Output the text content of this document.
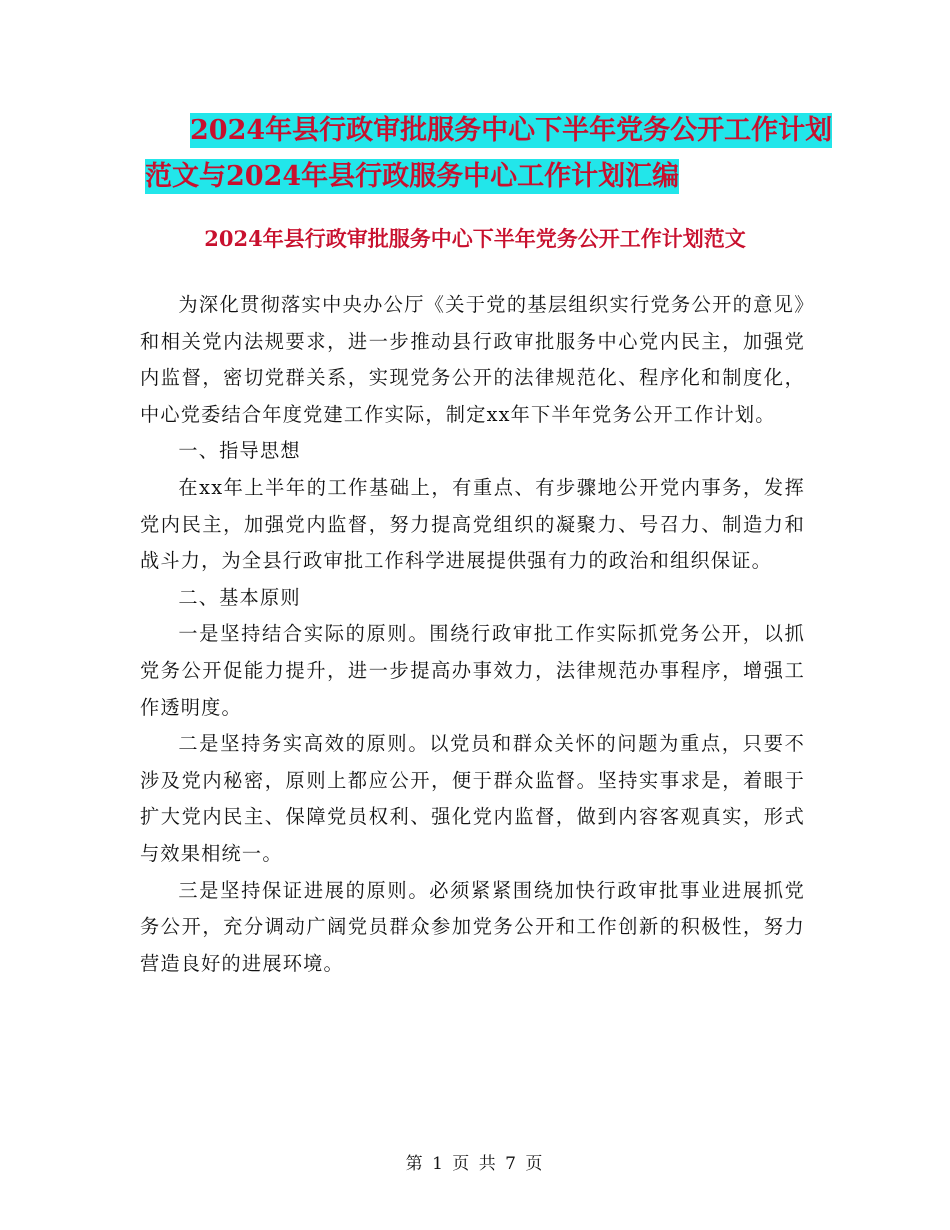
2024年县行政审批服务中心下半年党务公开工作计划
范文与2024年县行政服务中心工作计划汇编
2024年县行政审批服务中心下半年党务公开工作计划范文

为深化贯彻落实中央办公厅《关于党的基层组织实行党务公开的意见》和相关党内法规要求，进一步推动县行政审批服务中心党内民主，加强党内监督，密切党群关系，实现党务公开的法律规范化、程序化和制度化，中心党委结合年度党建工作实际，制定xx年下半年党务公开工作计划。

一、指导思想

在xx年上半年的工作基础上，有重点、有步骤地公开党内事务，发挥党内民主，加强党内监督，努力提高党组织的凝聚力、号召力、制造力和战斗力，为全县行政审批工作科学进展提供强有力的政治和组织保证。

二、基本原则

一是坚持结合实际的原则。围绕行政审批工作实际抓党务公开，以抓党务公开促能力提升，进一步提高办事效力，法律规范办事程序，增强工作透明度。

二是坚持务实高效的原则。以党员和群众关怀的问题为重点，只要不涉及党内秘密，原则上都应公开，便于群众监督。坚持实事求是，着眼于扩大党内民主、保障党员权利、强化党内监督，做到内容客观真实，形式与效果相统一。

三是坚持保证进展的原则。必须紧紧围绕加快行政审批事业进展抓党务公开，充分调动广阔党员群众参加党务公开和工作创新的积极性，努力营造良好的进展环境。

第 1 页 共 7 页
